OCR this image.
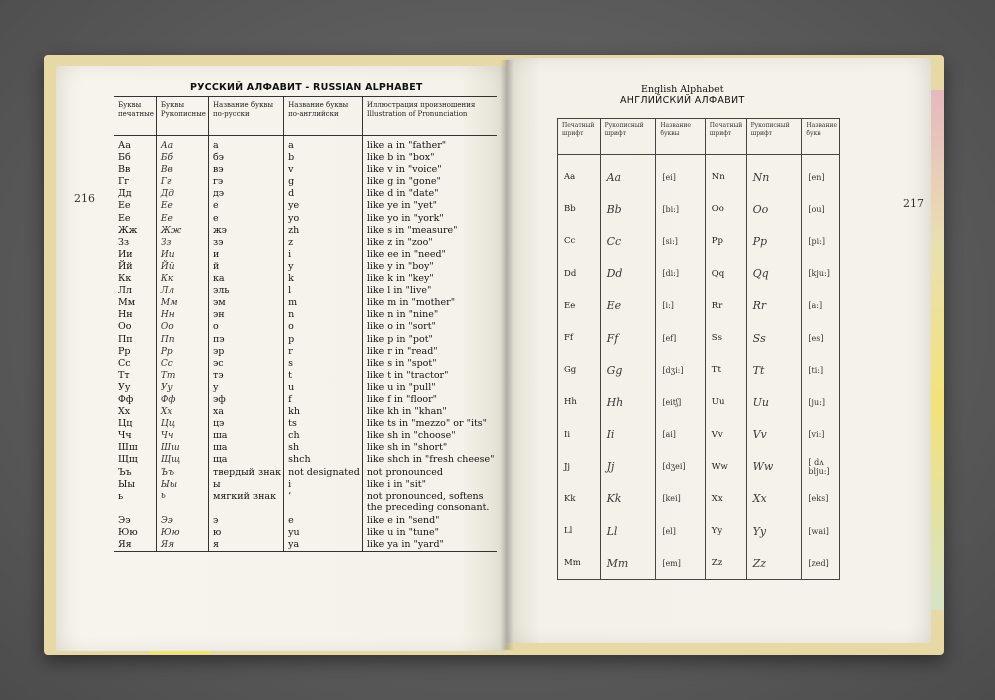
216	217
РУССКИЙ АЛФАВИТ - RUSSIAN ALPHABET
Буквы печатные	Буквы Рукописные	Название буквы по-русски	Название буквы по-английски	Иллюстрация произношения Illustration of Pronunciation
Аа	Аа	а	a	like a in "father"
Бб	Бб	бэ	b	like b in "box"
Вв	Вв	вэ	v	like v in "voice"
Гг	Гг	гэ	g	like g in "gone"
Дд	Дд	дэ	d	like d in "date"
Ее	Ее	е	ye	like ye in "yet"
Ее	Ее	е	yo	like yo in "york"
Жж	Жж	жэ	zh	like s in "measure"
Зз	Зз	зэ	z	like z in "zoo"
Ии	Ии	и	i	like ee in "need"
Йй	Йй	й	y	like y in "boy"
Кк	Кк	ка	k	like k in "key"
Лл	Лл	эль	l	like l in "live"
Мм	Мм	эм	m	like m in "mother"
Нн	Нн	эн	n	like n in "nine"
Оо	Оо	о	o	like o in "sort"
Пп	Пп	пэ	p	like p in "pot"
Рр	Рр	эр	r	like r in "read"
Сс	Сс	эс	s	like s in "spot"
Тт	Тт	тэ	t	like t in "tractor"
Уу	Уу	у	u	like u in "pull"
Фф	Фф	эф	f	like f in "floor"
Хх	Хх	ха	kh	like kh in "khan"
Цц	Цц	цэ	ts	like ts in "mezzo" or "its"
Чч	Чч	ша	ch	like sh in "choose"
Шш	Шш	ша	sh	like sh in "short"
Щщ	Щщ	ща	shch	like shch in "fresh cheese"
Ъъ	Ъъ	твердый знак	not designated	not pronounced
Ыы	Ыы	ы	i	like i in "sit"
ь	ь	мягкий знак	’	not pronounced, softens the preceding consonant.
Ээ	Ээ	э	e	like e in "send"
Юю	Юю	ю	yu	like u in "tune"
Яя	Яя	я	ya	like ya in "yard"
English Alphabet
АНГЛИЙСКИЙ АЛФАВИТ
Печатный шрифт	Рукописный шрифт	Название буквы	Печатный шрифт	Рукописный шрифт	Название букв
Aa	Aa	[ei]	Nn	Nn	[en]
Bb	Bb	[bi:]	Oo	Oo	[ou]
Cc	Cc	[si:]	Pp	Pp	[pi:]
Dd	Dd	[di:]	Qq	Qq	[kju:]
Ee	Ee	[i:]	Rr	Rr	[a:]
Ff	Ff	[ef]	Ss	Ss	[es]
Gg	Gg	[dʒi:]	Tt	Tt	[ti:]
Hh	Hh	[eitʃ]	Uu	Uu	[ju:]
Ii	Ii	[ai]	Vv	Vv	[vi:]
Jj	Jj	[dʒei]	Ww	Ww	[ dʌ blju:]
Kk	Kk	[kei]	Xx	Xx	[eks]
Ll	Ll	[el]	Yy	Yy	[wai]
Mm	Mm	[em]	Zz	Zz	[zed]
